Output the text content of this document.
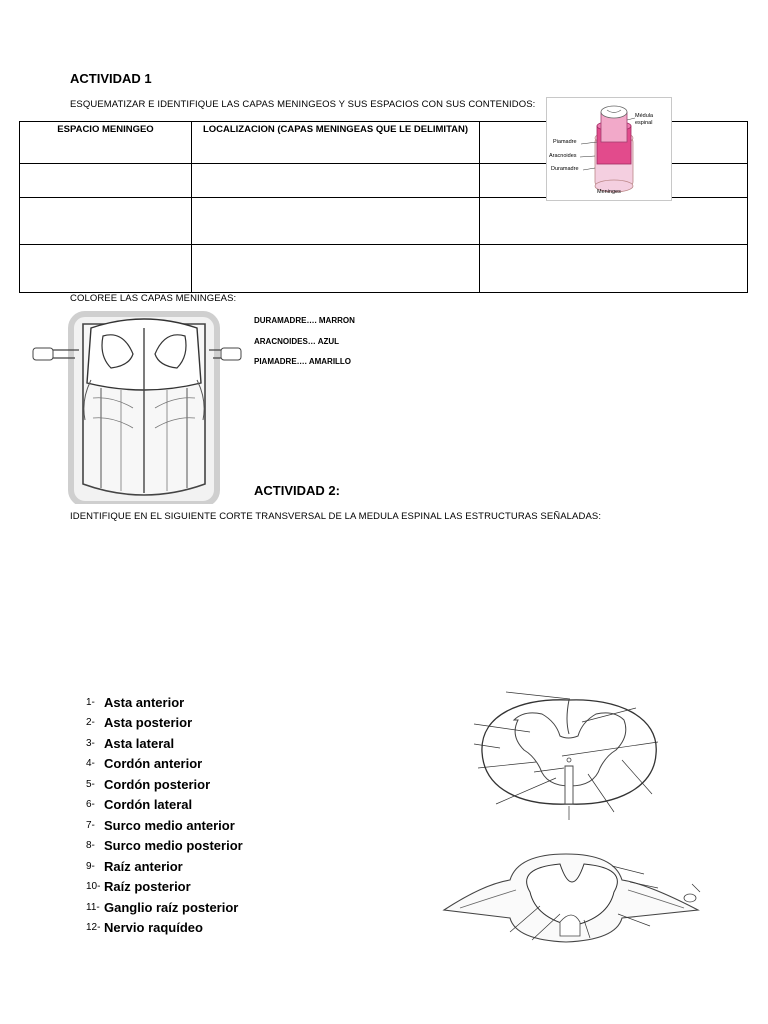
ACTIVIDAD 1
ESQUEMATIZAR E IDENTIFIQUE LAS CAPAS MENINGEOS Y SUS ESPACIOS CON SUS CONTENIDOS:
ESPACIO MENINGEO	LOCALIZACION (CAPAS MENINGEAS QUE LE DELIMITAN)	

Médula
espinal
Piamadre
Aracnoides
Duramadre
Meninges
COLOREE LAS CAPAS MENINGEAS:
DURAMADRE…. MARRON
ARACNOIDES… AZUL
PIAMADRE…. AMARILLO
ACTIVIDAD 2:
IDENTIFIQUE EN EL SIGUIENTE CORTE TRANSVERSAL DE LA MEDULA ESPINAL LAS ESTRUCTURAS SEÑALADAS:
1- Asta anterior
2- Asta posterior
3- Asta lateral
4- Cordón anterior
5- Cordón posterior
6- Cordón lateral
7- Surco medio anterior
8- Surco medio posterior
9- Raíz anterior
10- Raíz posterior
11- Ganglio raíz posterior
12- Nervio raquídeo
